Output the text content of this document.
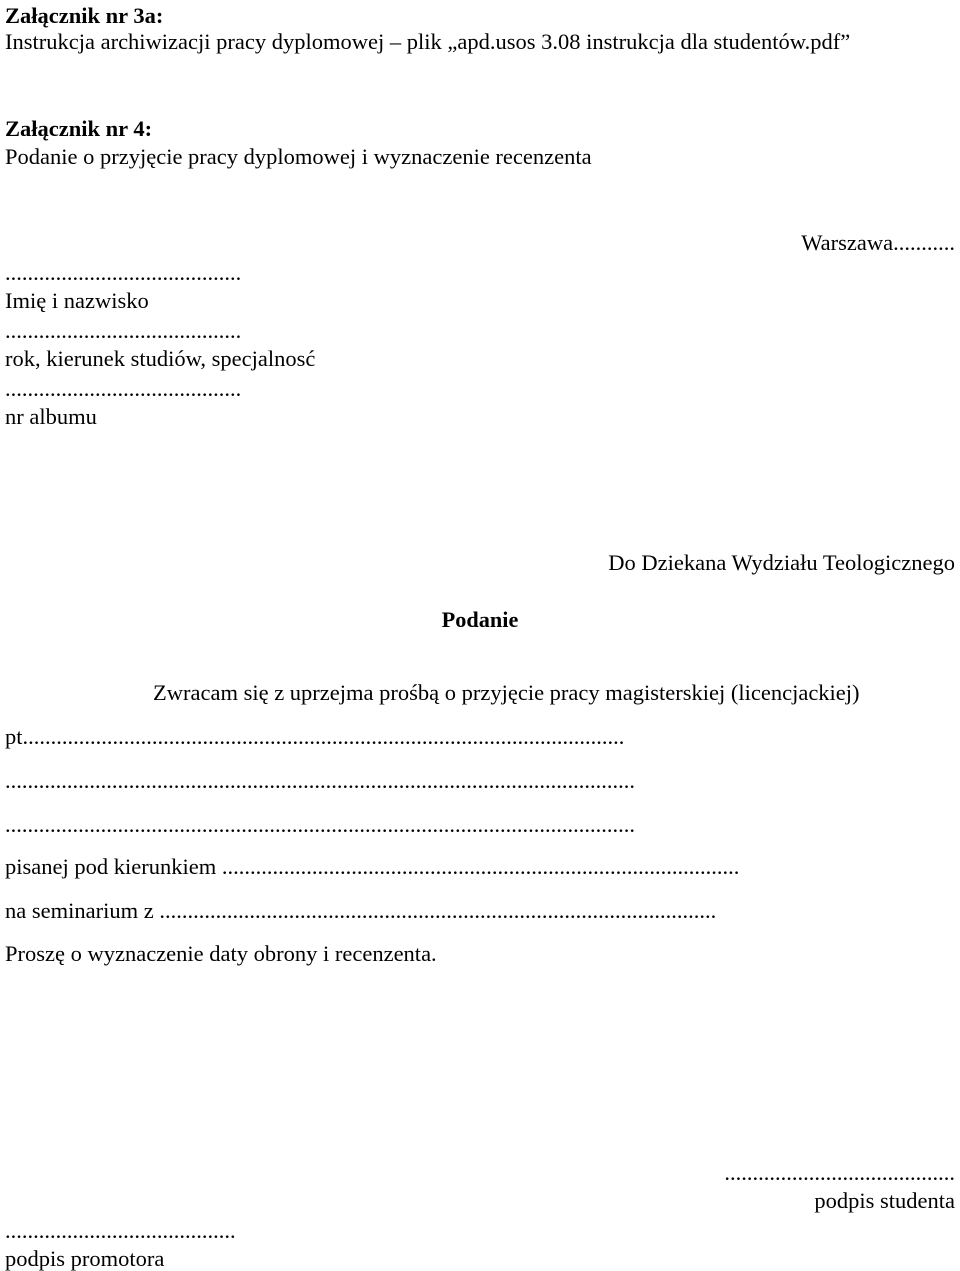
Załącznik nr 3a:

Instrukcja archiwizacji pracy dyplomowej – plik „apd.usos 3.08 instrukcja dla studentów.pdf”

Załącznik nr 4:

Podanie o przyjęcie pracy dyplomowej i wyznaczenie recenzenta

Warszawa...........

..........................................

Imię i nazwisko

..........................................

rok, kierunek studiów, specjalnosć

..........................................

nr albumu

Do Dziekana Wydziału Teologicznego

Podanie

Zwracam się z uprzejma prośbą o przyjęcie pracy magisterskiej (licencjackiej)

pt...........................................................................................................

................................................................................................................

................................................................................................................

pisanej pod kierunkiem ............................................................................................

na seminarium z ...................................................................................................

Proszę o wyznaczenie daty obrony i recenzenta.

.........................................

podpis studenta

.........................................

podpis promotora
